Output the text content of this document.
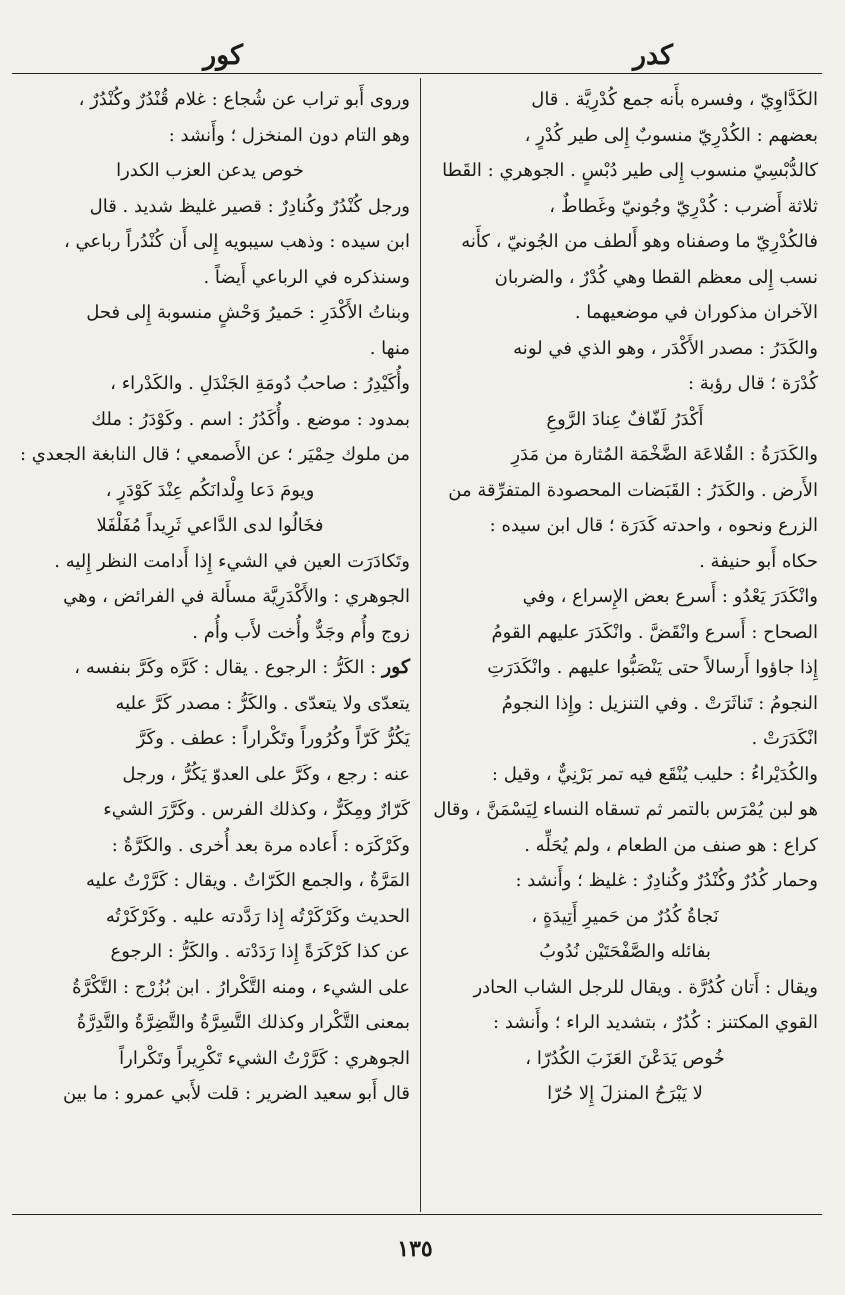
كدر
كور

الكَدَّاوِيّ ، وفسره بأَنه جمع كُدْرِيَّة . قال

بعضهم : الكُدْرِيّ منسوبٌ إِلى طير كُدْرٍ ،

كالدُّبْسِيّ منسوب إِلى طير دُبْسٍ . الجوهري : القَطا

ثلاثة أَضرب : كُدْرِيّ وجُونيّ وغَطاطٌ ،

فالكُدْرِيّ ما وصفناه وهو أَلطف من الجُونيّ ، كأَنه

نسب إِلى معظم القطا وهي كُدْرٌ ، والضربان

الآخران مذكوران في موضعيهما .

والكَدَرُ : مصدر الأَكْدَر ، وهو الذي في لونه

كُدْرَة ؛ قال رؤبة :

أَكْدَرُ لَفّافٌ عِنادَ الرَّوعِ

والكَدَرَةُ : القُلاعَة الضَّخْمَة المُثارة من مَدَرِ

الأَرض . والكَدَرُ : القَبَضات المحصودة المتفرِّقة من

الزرع ونحوه ، واحدته كَدَرَة ؛ قال ابن سيده :

حكاه أَبو حنيفة .

وانْكَدَرَ يَعْدُو : أَسرع بعض الإِسراع ، وفي

الصحاح : أَسرع وانْقَضَّ . وانْكَدَرَ عليهم القومُ

إِذا جاؤوا أَرسالاً حتى يَنْصَبُّوا عليهم . وانْكَدَرَتِ

النجومُ : تَناثَرَتْ . وفي التنزيل : وإِذا النجومُ

انْكَدَرَتْ .

والكُدَيْراءُ : حليب يُنْقَع فيه تمر بَرْنِيٌّ ، وقيل :

هو لبن يُمْرَس بالتمر ثم تسقاه النساء لِيَسْمَنَّ ، وقال

كراع : هو صنف من الطعام ، ولم يُحَلِّه .

وحمار كُدُرٌ وكُنْدُرٌ وكُنادِرٌ : غليظ ؛ وأَنشد :

نَجاةُ كُدُرٌ من حَميرِ أَتِيدَةٍ ،

بفائله والصَّفْحَتَيْن نُدُوبُ

ويقال : أَتان كُدُرَّة . ويقال للرجل الشاب الحادر

القوي المكتنز : كُدُرٌ ، بتشديد الراء ؛ وأَنشد :

خُوص يَدَعْنَ العَزَبَ الكُدُرّا ،

لا يَبْرَحُ المنزلَ إِلا حُرّا

وروى أَبو تراب عن شُجاع : غلام قُنْدُرٌ وكُنْدُرٌ ،

وهو التام دون المنخزل ؛ وأَنشد :

خوص يدعن العزب الكدرا

ورجل كُنْدُرٌ وكُنادِرٌ : قصير غليظ شديد . قال

ابن سيده : وذهب سيبويه إِلى أَن كُنْدُراً رباعي ،

وسنذكره في الرباعي أَيضاً .

وبناتُ الأَكْدَرِ : حَميرُ وَحْشٍ منسوبة إِلى فحل

منها .

وأُكَيْدِرُ : صاحبُ دُومَةِ الجَنْدَلِ . والكَدْراء ،

بمدود : موضع . وأُكَدُرُ : اسم . وكَوْدَرُ : ملك

من ملوك حِمْيَر ؛ عن الأَصمعي ؛ قال النابغة الجعدي :

ويومَ دَعا وِلْدانَكُم عِنْدَ كَوْدَرٍ ،

فخَالُوا لدى الدَّاعي ثَرِيداً مُفَلْفَلا

وتَكادَرَت العين في الشيء إِذا أَدامت النظر إِليه .

الجوهري : والأَكْدَرِيَّة مسأَلة في الفرائض ، وهي

زوج وأُم وجَدٌّ وأُخت لأَب وأُم .

كور : الكَرُّ : الرجوع . يقال : كَرَّه وكَرَّ بنفسه ،

يتعدّى ولا يتعدّى . والكَرُّ : مصدر كَرَّ عليه

يَكُرُّ كَرّاً وكُرُوراً وتَكْراراً : عطف . وكَرَّ

عنه : رجع ، وكَرَّ على العدوّ يَكُرُّ ، ورجل

كَرّارٌ ومِكَرٌّ ، وكذلك الفرس . وكَرَّرَ الشيء

وكَرْكَرَه : أَعاده مرة بعد أُخرى . والكَرَّةُ :

المَرَّةُ ، والجمع الكَرّاتُ . ويقال : كَرَّرْتُ عليه

الحديث وكَرْكَرْتُه إِذا رَدَّدته عليه . وكَرْكَرْتُه

عن كذا كَرْكَرَةً إِذا رَدَدْته . والكَرُّ : الرجوع

على الشيء ، ومنه التَّكْرارُ . ابن بُزُرْج : التَّكْرَّةُ

بمعنى التَّكْرار وكذلك التَّسِرَّةُ والتَّضِرَّةُ والتَّدِرَّةُ

الجوهري : كَرَّرْتُ الشيء تَكْرِيراً وتَكْراراً

قال أَبو سعيد الضرير : قلت لأَبي عمرو : ما بين

١٣٥
